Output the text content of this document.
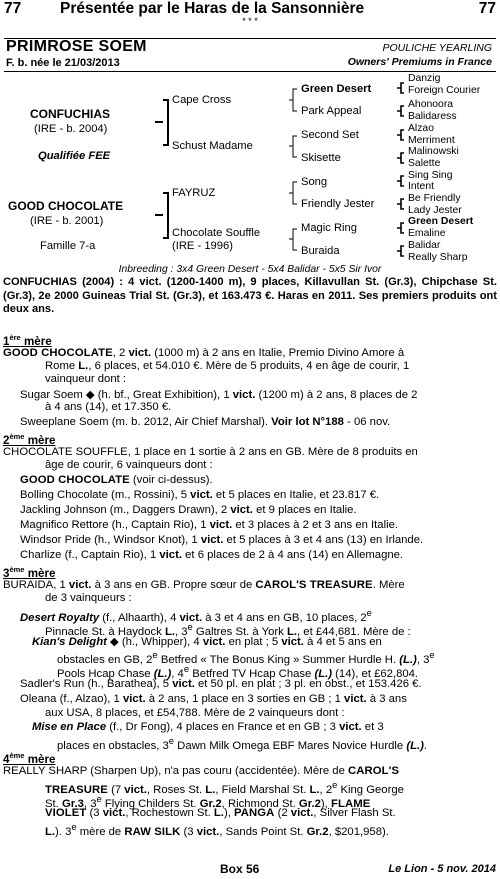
77	Présentée par le Haras de la Sansonnière	77
* * *
PRIMROSE SOEM
F. b. née le 21/03/2013
POULICHE YEARLING
Owners' Premiums in France
CONFUCHIAS
(IRE - b. 2004)
Qualifiée FEE
GOOD CHOCOLATE
(IRE - b. 2001)
Famille 7-a
Cape Cross
Schust Madame
FAYRUZ
Chocolate Souffle
(IRE - 1996)
Green Desert
Park Appeal
Second Set
Skisette
Song
Friendly Jester
Magic Ring
Buraida
Danzig
Foreign Courier
Ahonoora
Balidaress
Alzao
Merriment
Malinowski
Salette
Sing Sing
Intent
Be Friendly
Lady Jester
Green Desert
Emaline
Balidar
Really Sharp
Inbreeding : 3x4 Green Desert - 5x4 Balidar - 5x5 Sir Ivor
CONFUCHIAS (2004) : 4 vict. (1200-1400 m), 9 places, Killavullan St. (Gr.3), Chipchase St. (Gr.3), 2e 2000 Guineas Trial St. (Gr.3), et 163.473 €. Haras en 2011. Ses premiers produits ont deux ans.
1ère mère
GOOD CHOCOLATE, 2 vict. (1000 m) à 2 ans en Italie, Premio Divino Amore à
Rome L., 6 places, et 54.010 €. Mère de 5 produits, 4 en âge de courir, 1
vainqueur dont :
Sugar Soem ◆ (h. bf., Great Exhibition), 1 vict. (1200 m) à 2 ans, 8 places de 2
à 4 ans (14), et 17.350 €.
Sweeplane Soem (m. b. 2012, Air Chief Marshal). Voir lot N°188 - 06 nov.
2ème mère
CHOCOLATE SOUFFLE, 1 place en 1 sortie à 2 ans en GB. Mère de 8 produits en
âge de courir, 6 vainqueurs dont :
GOOD CHOCOLATE (voir ci-dessus).
Bolling Chocolate (m., Rossini), 5 vict. et 5 places en Italie, et 23.817 €.
Jackling Johnson (m., Daggers Drawn), 2 vict. et 9 places en Italie.
Magnifico Rettore (h., Captain Rio), 1 vict. et 3 places à 2 et 3 ans en Italie.
Windsor Pride (h., Windsor Knot), 1 vict. et 5 places à 3 et 4 ans (13) en Irlande.
Charlize (f., Captain Rio), 1 vict. et 6 places de 2 à 4 ans (14) en Allemagne.
3ème mère
BURAIDA, 1 vict. à 3 ans en GB. Propre sœur de CAROL'S TREASURE. Mère
de 3 vainqueurs :
Desert Royalty (f., Alhaarth), 4 vict. à 3 et 4 ans en GB, 10 places, 2e
Pinnacle St. à Haydock L., 3e Galtres St. à York L., et £44,681. Mère de :
Kian's Delight ◆ (h., Whipper), 4 vict. en plat ; 5 vict. à 4 et 5 ans en
obstacles en GB, 2e Betfred « The Bonus King » Summer Hurdle H. (L.), 3e
Pools Hcap Chase (L.), 4e Betfred TV Hcap Chase (L.) (14), et £62,804.
Sadler's Run (h., Barathea), 5 vict. et 50 pl. en plat ; 3 pl. en obst., et 153.426 €.
Oleana (f., Alzao), 1 vict. à 2 ans, 1 place en 3 sorties en GB ; 1 vict. à 3 ans
aux USA, 8 places, et £54,788. Mère de 2 vainqueurs dont :
Mise en Place (f., Dr Fong), 4 places en France et en GB ; 3 vict. et 3
places en obstacles, 3e Dawn Milk Omega EBF Mares Novice Hurdle (L.).
4ème mère
REALLY SHARP (Sharpen Up), n'a pas couru (accidentée). Mère de CAROL'S
TREASURE (7 vict., Roses St. L., Field Marshal St. L., 2e King George
St. Gr.3, 3e Flying Childers St. Gr.2, Richmond St. Gr.2), FLAME
VIOLET (3 vict., Rochestown St. L.), PANGA (2 vict., Silver Flash St.
L.). 3e mère de RAW SILK (3 vict., Sands Point St. Gr.2, $201,958).
Box 56	Le Lion - 5 nov. 2014
